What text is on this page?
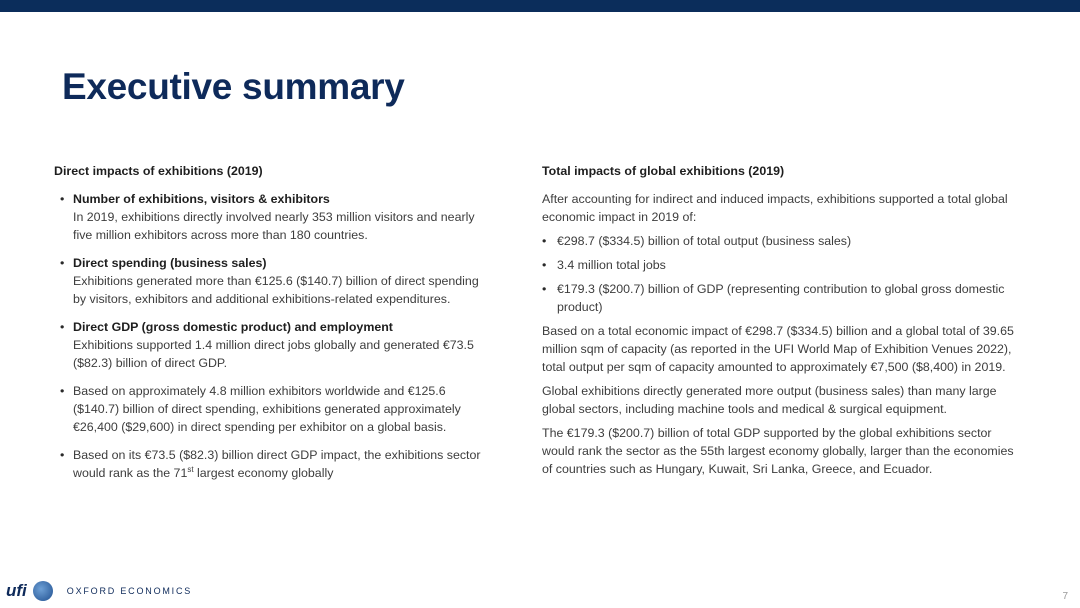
Executive summary
Direct impacts of exhibitions (2019)
• Number of exhibitions, visitors & exhibitors
In 2019, exhibitions directly involved nearly 353 million visitors and nearly five million exhibitors across more than 180 countries.
• Direct spending (business sales)
Exhibitions generated more than €125.6 ($140.7) billion of direct spending by visitors, exhibitors and additional exhibitions-related expenditures.
• Direct GDP (gross domestic product) and employment
Exhibitions supported 1.4 million direct jobs globally and generated €73.5 ($82.3) billion of direct GDP.
• Based on approximately 4.8 million exhibitors worldwide and €125.6 ($140.7) billion of direct spending, exhibitions generated approximately €26,400 ($29,600) in direct spending per exhibitor on a global basis.
• Based on its €73.5 ($82.3) billion direct GDP impact, the exhibitions sector would rank as the 71st largest economy globally
Total impacts of global exhibitions (2019)

After accounting for indirect and induced impacts, exhibitions supported a total global economic impact in 2019 of:

• €298.7 ($334.5) billion of total output (business sales)
• 3.4 million total jobs
• €179.3 ($200.7) billion of GDP (representing contribution to global gross domestic product)

Based on a total economic impact of €298.7 ($334.5) billion and a global total of 39.65 million sqm of capacity (as reported in the UFI World Map of Exhibition Venues 2022), total output per sqm of capacity amounted to approximately €7,500 ($8,400) in 2019.

Global exhibitions directly generated more output (business sales) than many large global sectors, including machine tools and medical & surgical equipment.

The €179.3 ($200.7) billion of total GDP supported by the global exhibitions sector would rank the sector as the 55th largest economy globally, larger than the economies of countries such as Hungary, Kuwait, Sri Lanka, Greece, and Ecuador.

ufi	OXFORD ECONOMICS	7
